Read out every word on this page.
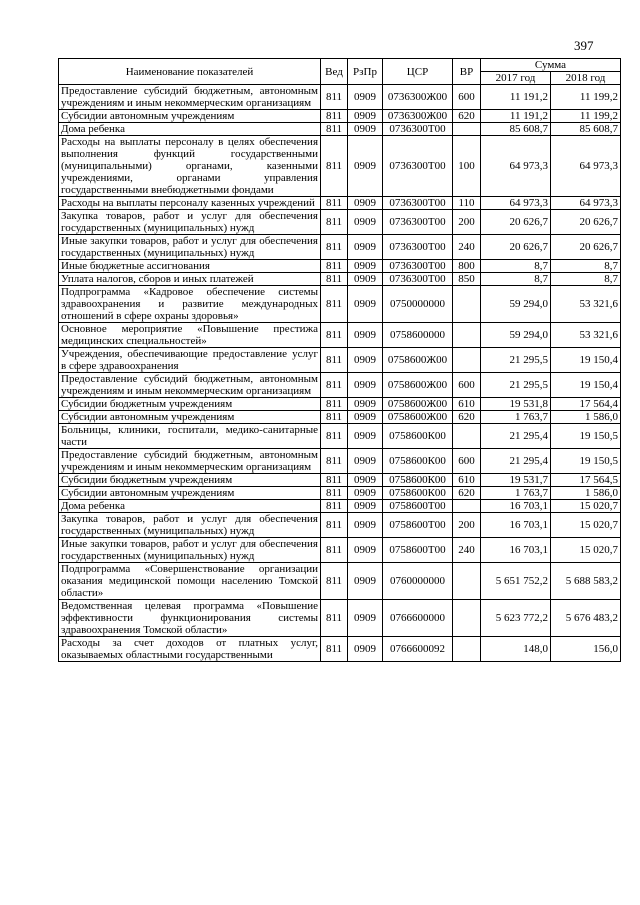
397
Наименование показателей	Вед	РзПр	ЦСР	ВР	Сумма	
					2017 год	2018 год
Предоставление субсидий бюджетным, автономным учреждениям и иным некоммерческим организациям	811	0909	0736300Ж00	600	11 191,2	11 199,2
Субсидии автономным учреждениям	811	0909	0736300Ж00	620	11 191,2	11 199,2
Дома ребенка	811	0909	0736300Т00		85 608,7	85 608,7
Расходы на выплаты персоналу в целях обеспечения выполнения функций государственными (муниципальными) органами, казенными учреждениями, органами управления государственными внебюджетными фондами	811	0909	0736300Т00	100	64 973,3	64 973,3
Расходы на выплаты персоналу казенных учреждений	811	0909	0736300Т00	110	64 973,3	64 973,3
Закупка товаров, работ и услуг для обеспечения государственных (муниципальных) нужд	811	0909	0736300Т00	200	20 626,7	20 626,7
Иные закупки товаров, работ и услуг для обеспечения государственных (муниципальных) нужд	811	0909	0736300Т00	240	20 626,7	20 626,7
Иные бюджетные ассигнования	811	0909	0736300Т00	800	8,7	8,7
Уплата налогов, сборов и иных платежей	811	0909	0736300Т00	850	8,7	8,7
Подпрограмма «Кадровое обеспечение системы здравоохранения и развитие международных отношений в сфере охраны здоровья»	811	0909	0750000000		59 294,0	53 321,6
Основное мероприятие «Повышение престижа медицинских специальностей»	811	0909	0758600000		59 294,0	53 321,6
Учреждения, обеспечивающие предоставление услуг в сфере здравоохранения	811	0909	0758600Ж00		21 295,5	19 150,4
Предоставление субсидий бюджетным, автономным учреждениям и иным некоммерческим организациям	811	0909	0758600Ж00	600	21 295,5	19 150,4
Субсидии бюджетным учреждениям	811	0909	0758600Ж00	610	19 531,8	17 564,4
Субсидии автономным учреждениям	811	0909	0758600Ж00	620	1 763,7	1 586,0
Больницы, клиники, госпитали, медико-санитарные части	811	0909	0758600К00		21 295,4	19 150,5
Предоставление субсидий бюджетным, автономным учреждениям и иным некоммерческим организациям	811	0909	0758600К00	600	21 295,4	19 150,5
Субсидии бюджетным учреждениям	811	0909	0758600К00	610	19 531,7	17 564,5
Субсидии автономным учреждениям	811	0909	0758600К00	620	1 763,7	1 586,0
Дома ребенка	811	0909	0758600Т00		16 703,1	15 020,7
Закупка товаров, работ и услуг для обеспечения государственных (муниципальных) нужд	811	0909	0758600Т00	200	16 703,1	15 020,7
Иные закупки товаров, работ и услуг для обеспечения государственных (муниципальных) нужд	811	0909	0758600Т00	240	16 703,1	15 020,7
Подпрограмма «Совершенствование организации оказания медицинской помощи населению Томской области»	811	0909	0760000000		5 651 752,2	5 688 583,2
Ведомственная целевая программа «Повышение эффективности функционирования системы здравоохранения Томской области»	811	0909	0766600000		5 623 772,2	5 676 483,2
Расходы за счет доходов от платных услуг, оказываемых областными государственными	811	0909	0766600092		148,0	156,0
